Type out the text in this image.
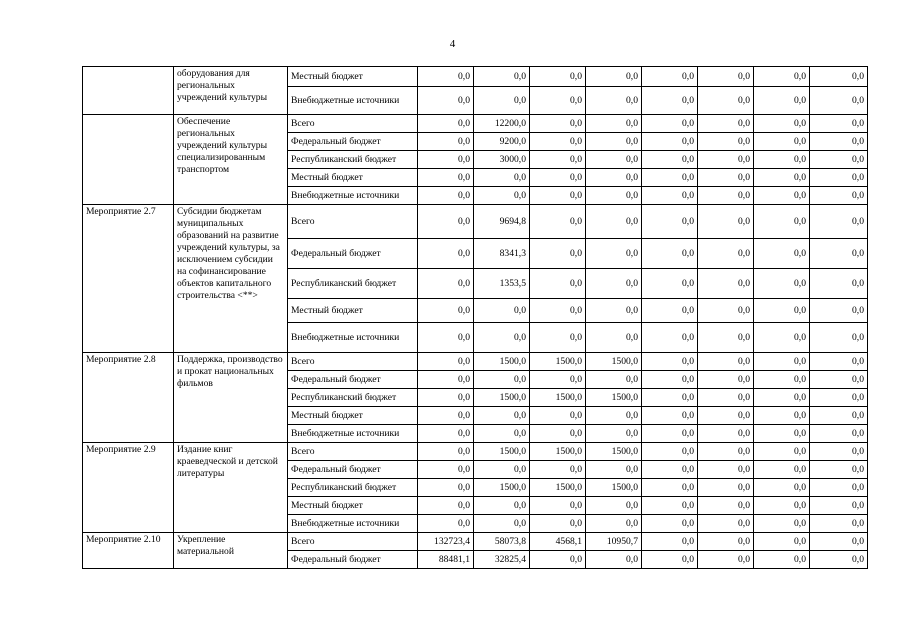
4
	оборудования для региональных учреждений культуры	Местный бюджет	0,0	0,0	0,0	0,0	0,0	0,0	0,0	0,0
		Внебюджетные источники	0,0	0,0	0,0	0,0	0,0	0,0	0,0	0,0
	Обеспечение региональных учреждений культуры специализированным транспортом	Всего	0,0	12200,0	0,0	0,0	0,0	0,0	0,0	0,0
		Федеральный бюджет	0,0	9200,0	0,0	0,0	0,0	0,0	0,0	0,0
		Республиканский бюджет	0,0	3000,0	0,0	0,0	0,0	0,0	0,0	0,0
		Местный бюджет	0,0	0,0	0,0	0,0	0,0	0,0	0,0	0,0
		Внебюджетные источники	0,0	0,0	0,0	0,0	0,0	0,0	0,0	0,0
Мероприятие 2.7	Субсидии бюджетам муниципальных образований на развитие учреждений культуры, за исключением субсидии на софинансирование объектов капитального строительства <**>	Всего	0,0	9694,8	0,0	0,0	0,0	0,0	0,0	0,0
		Федеральный бюджет	0,0	8341,3	0,0	0,0	0,0	0,0	0,0	0,0
		Республиканский бюджет	0,0	1353,5	0,0	0,0	0,0	0,0	0,0	0,0
		Местный бюджет	0,0	0,0	0,0	0,0	0,0	0,0	0,0	0,0
		Внебюджетные источники	0,0	0,0	0,0	0,0	0,0	0,0	0,0	0,0
Мероприятие 2.8	Поддержка, производство и прокат национальных фильмов	Всего	0,0	1500,0	1500,0	1500,0	0,0	0,0	0,0	0,0
		Федеральный бюджет	0,0	0,0	0,0	0,0	0,0	0,0	0,0	0,0
		Республиканский бюджет	0,0	1500,0	1500,0	1500,0	0,0	0,0	0,0	0,0
		Местный бюджет	0,0	0,0	0,0	0,0	0,0	0,0	0,0	0,0
		Внебюджетные источники	0,0	0,0	0,0	0,0	0,0	0,0	0,0	0,0
Мероприятие 2.9	Издание книг краеведческой и детской литературы	Всего	0,0	1500,0	1500,0	1500,0	0,0	0,0	0,0	0,0
		Федеральный бюджет	0,0	0,0	0,0	0,0	0,0	0,0	0,0	0,0
		Республиканский бюджет	0,0	1500,0	1500,0	1500,0	0,0	0,0	0,0	0,0
		Местный бюджет	0,0	0,0	0,0	0,0	0,0	0,0	0,0	0,0
		Внебюджетные источники	0,0	0,0	0,0	0,0	0,0	0,0	0,0	0,0
Мероприятие 2.10	Укрепление материальной	Всего	132723,4	58073,8	4568,1	10950,7	0,0	0,0	0,0	0,0
		Федеральный бюджет	88481,1	32825,4	0,0	0,0	0,0	0,0	0,0	0,0
